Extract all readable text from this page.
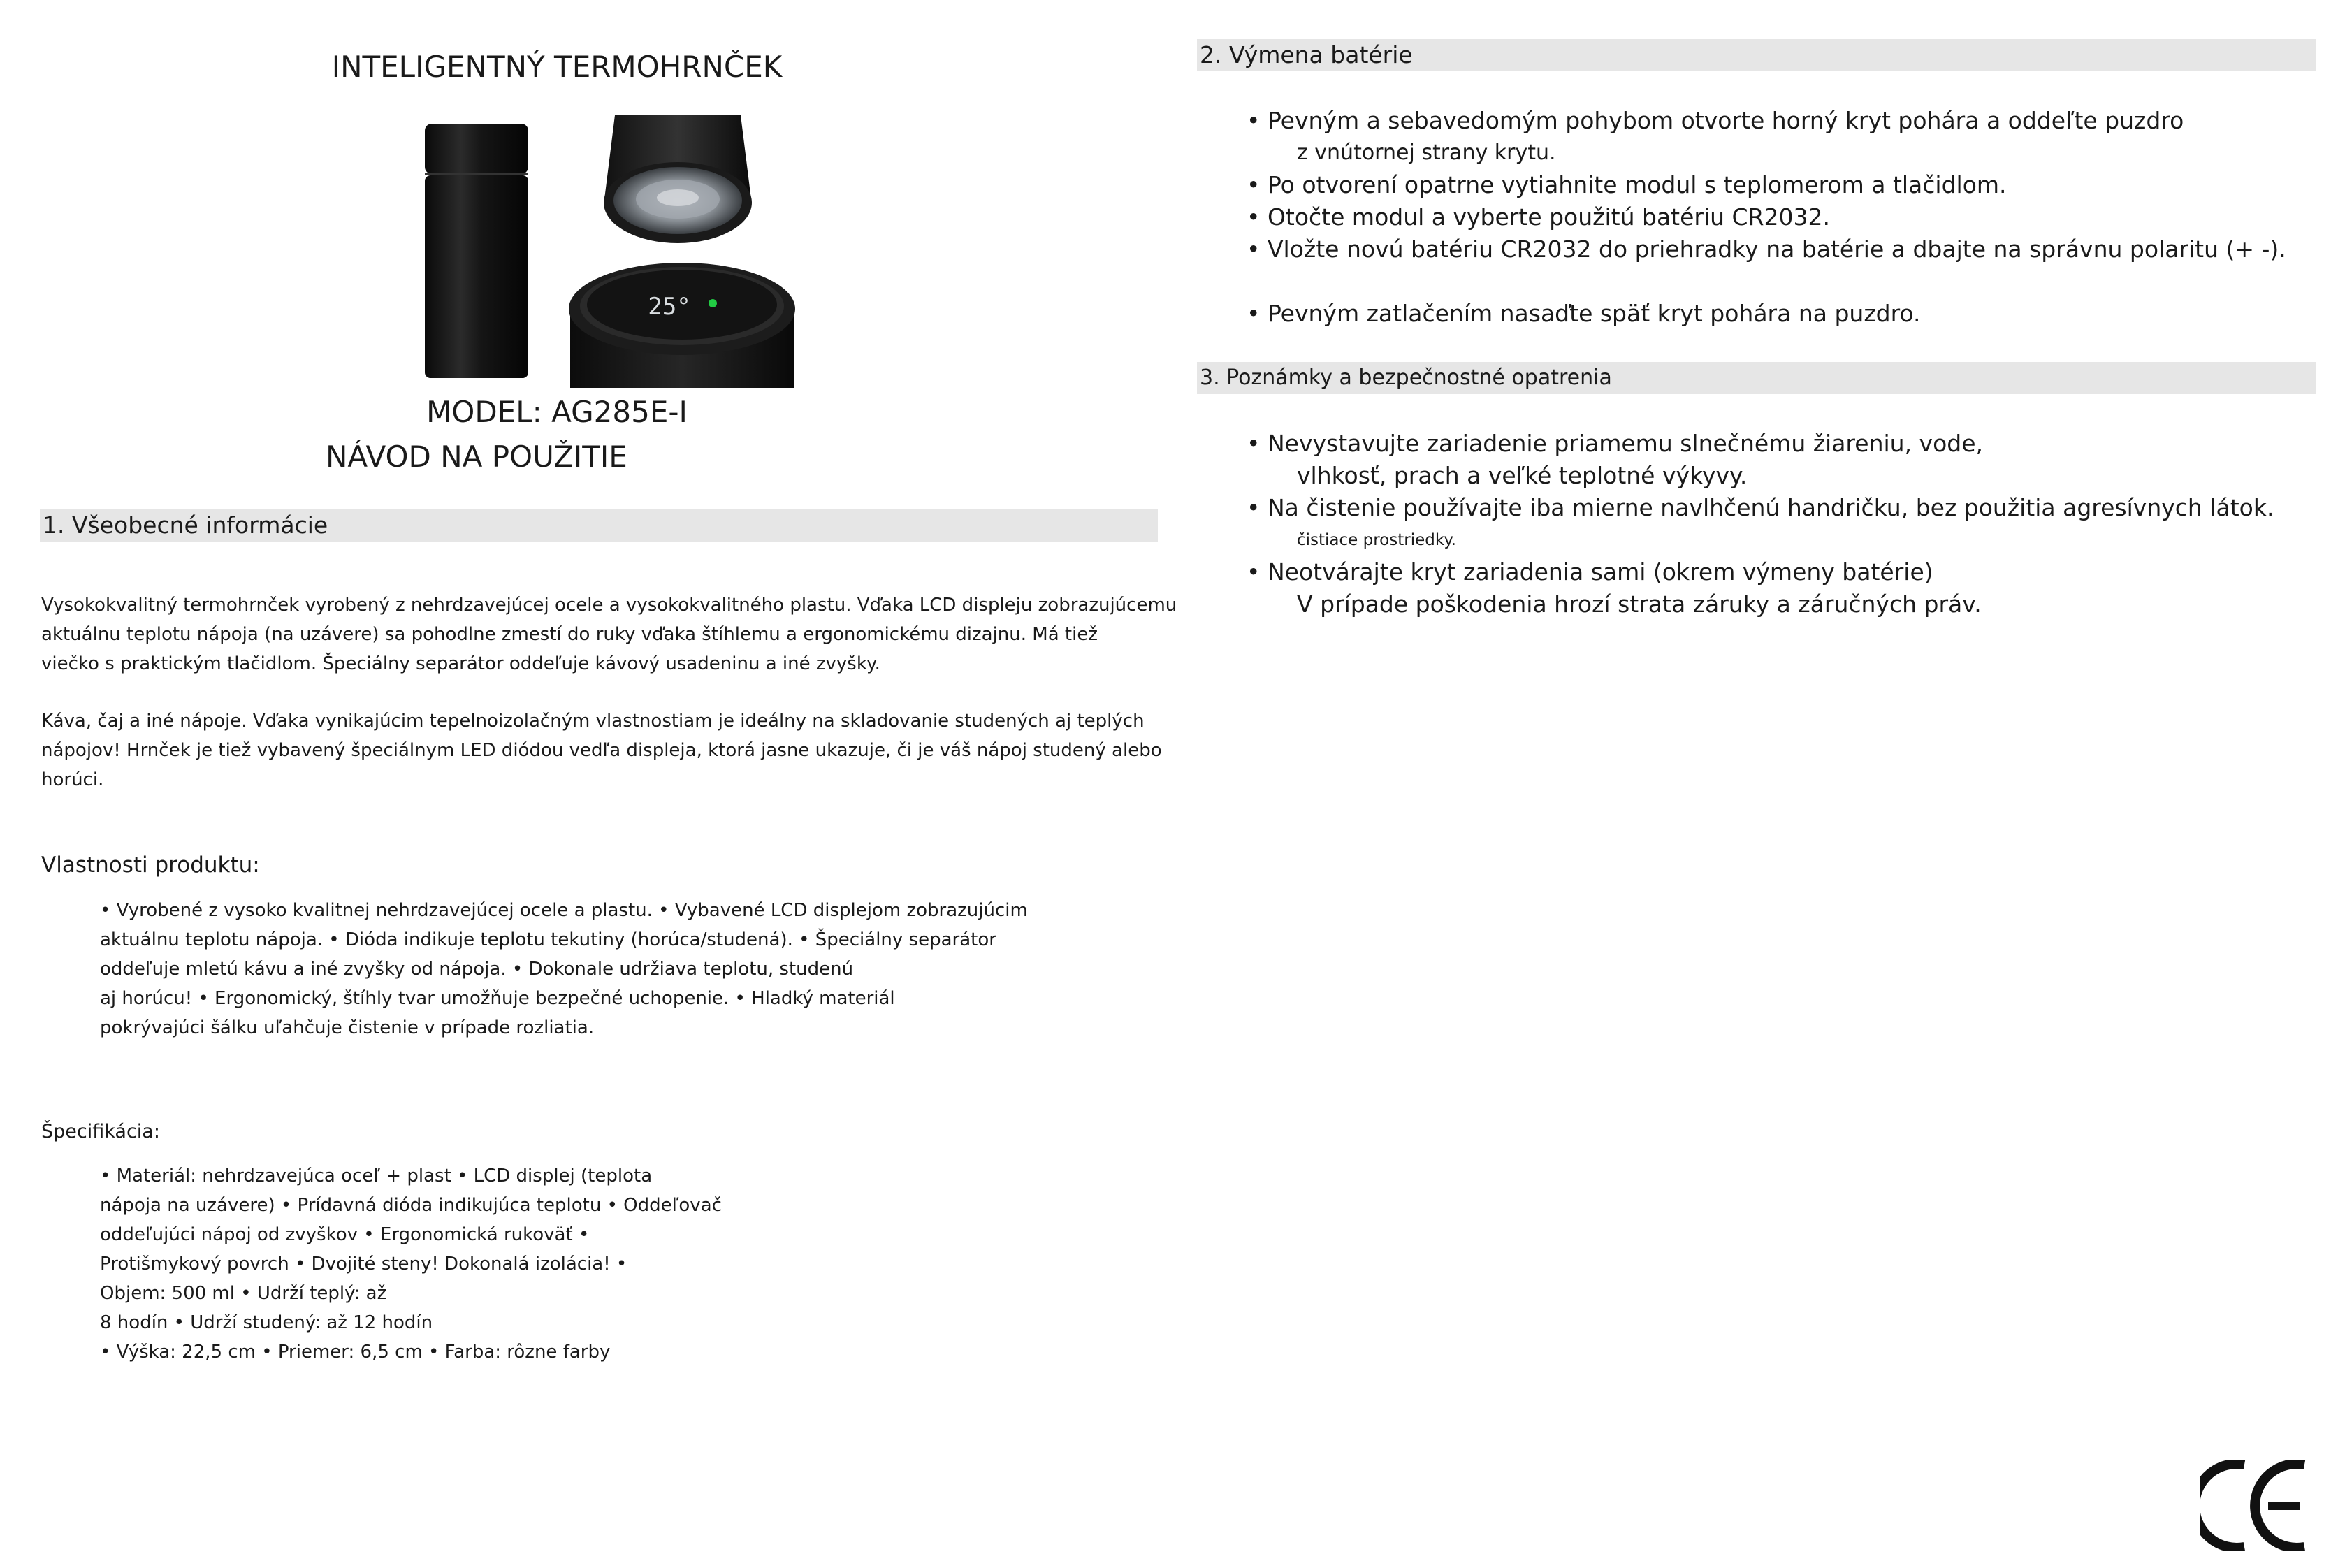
INTELIGENTNÝ TERMOHRNČEK
25°
MODEL: AG285E-I
NÁVOD NA POUŽITIE
1. Všeobecné informácie

Vysokokvalitný termohrnček vyrobený z nehrdzavejúcej ocele a vysokokvalitného plastu. Vďaka LCD displeju zobrazujúcemu

aktuálnu teplotu nápoja (na uzávere) sa pohodlne zmestí do ruky vďaka štíhlemu a ergonomickému dizajnu. Má tiež

viečko s praktickým tlačidlom. Špeciálny separátor oddeľuje kávový usadeninu a iné zvyšky.

Káva, čaj a iné nápoje. Vďaka vynikajúcim tepelnoizolačným vlastnostiam je ideálny na skladovanie studených aj teplých

nápojov! Hrnček je tiež vybavený špeciálnym LED diódou vedľa displeja, ktorá jasne ukazuje, či je váš nápoj studený alebo

horúci.

Vlastnosti produktu:

• Vyrobené z vysoko kvalitnej nehrdzavejúcej ocele a plastu. • Vybavené LCD displejom zobrazujúcim

aktuálnu teplotu nápoja. • Dióda indikuje teplotu tekutiny (horúca/studená). • Špeciálny separátor

oddeľuje mletú kávu a iné zvyšky od nápoja. • Dokonale udržiava teplotu, studenú

aj horúcu! • Ergonomický, štíhly tvar umožňuje bezpečné uchopenie. • Hladký materiál

pokrývajúci šálku uľahčuje čistenie v prípade rozliatia.

Špecifikácia:

• Materiál: nehrdzavejúca oceľ + plast • LCD displej (teplota

nápoja na uzávere) • Prídavná dióda indikujúca teplotu • Oddeľovač

oddeľujúci nápoj od zvyškov • Ergonomická rukoväť •

Protišmykový povrch • Dvojité steny! Dokonalá izolácia! •

Objem: 500 ml • Udrží teplý: až

8 hodín • Udrží studený: až 12 hodín

• Výška: 22,5 cm • Priemer: 6,5 cm • Farba: rôzne farby

2. Výmena batérie

• Pevným a sebavedomým pohybom otvorte horný kryt pohára a oddeľte puzdro

z vnútornej strany krytu.

• Po otvorení opatrne vytiahnite modul s teplomerom a tlačidlom.

• Otočte modul a vyberte použitú batériu CR2032.

• Vložte novú batériu CR2032 do priehradky na batérie a dbajte na správnu polaritu (+ -).

• Pevným zatlačením nasaďte späť kryt pohára na puzdro.

3. Poznámky a bezpečnostné opatrenia

• Nevystavujte zariadenie priamemu slnečnému žiareniu, vode,

vlhkosť, prach a veľké teplotné výkyvy.

• Na čistenie používajte iba mierne navlhčenú handričku, bez použitia agresívnych látok.

čistiace prostriedky.

• Neotvárajte kryt zariadenia sami (okrem výmeny batérie)

V prípade poškodenia hrozí strata záruky a záručných práv.
